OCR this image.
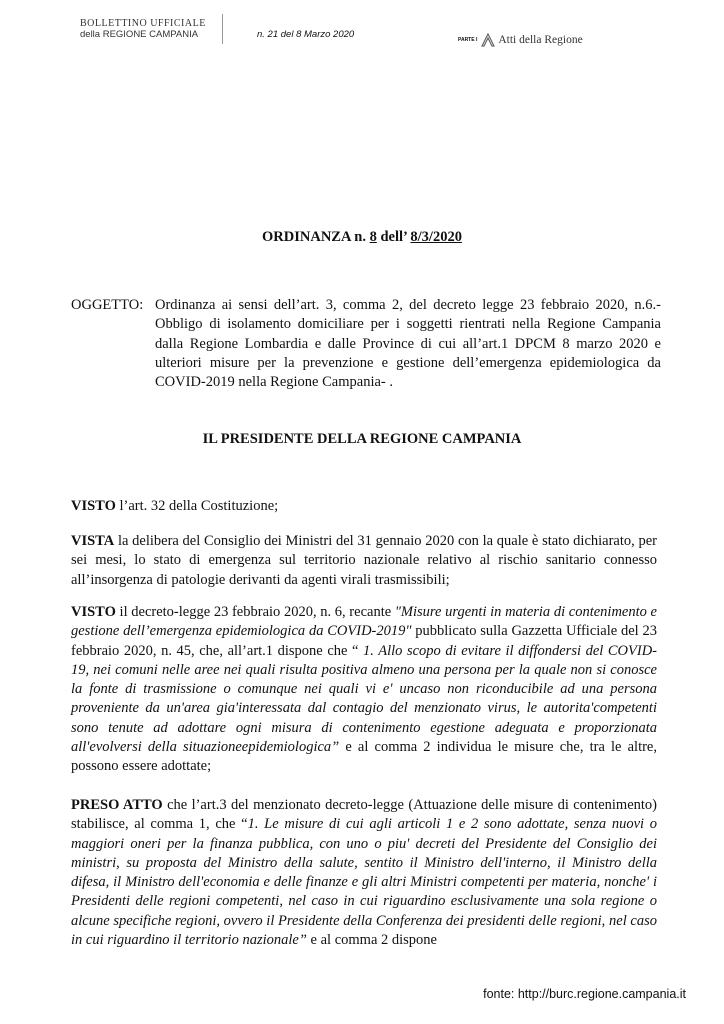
BOLLETTINO UFFICIALE
della REGIONE CAMPANIA	n. 21 del 8 Marzo 2020	PARTE I Atti della Regione
ORDINANZA n. 8 dell’ 8/3/2020
OGGETTO: Ordinanza ai sensi dell’art. 3, comma 2, del decreto legge 23 febbraio 2020, n.6.- Obbligo di isolamento domiciliare per i soggetti rientrati nella Regione Campania dalla Regione Lombardia e dalle Province di cui all’art.1 DPCM 8 marzo 2020 e ulteriori misure per la prevenzione e gestione dell’emergenza epidemiologica da COVID-2019 nella Regione Campania- .
IL PRESIDENTE DELLA REGIONE CAMPANIA
VISTO l’art. 32 della Costituzione;
VISTA la delibera del Consiglio dei Ministri del 31 gennaio 2020 con la quale è stato dichiarato, per sei mesi, lo stato di emergenza sul territorio nazionale relativo al rischio sanitario connesso all’insorgenza di patologie derivanti da agenti virali trasmissibili;
VISTO il decreto-legge 23 febbraio 2020, n. 6, recante "Misure urgenti in materia di contenimento e gestione dell’emergenza epidemiologica da COVID-2019" pubblicato sulla Gazzetta Ufficiale del 23 febbraio 2020, n. 45, che, all’art.1 dispone che “ 1. Allo scopo di evitare il diffondersi del COVID-19, nei comuni nelle aree nei quali risulta positiva almeno una persona per la quale non si conosce la fonte di trasmissione o comunque nei quali vi e' uncaso non riconducibile ad una persona proveniente da un'area gia'interessata dal contagio del menzionato virus, le autorita'competenti sono tenute ad adottare ogni misura di contenimento egestione adeguata e proporzionata all'evolversi della situazioneepidemiologica” e al comma 2 individua le misure che, tra le altre, possono essere adottate;
PRESO ATTO che l’art.3 del menzionato decreto-legge (Attuazione delle misure di contenimento) stabilisce, al comma 1, che “1. Le misure di cui agli articoli 1 e 2 sono adottate, senza nuovi o maggiori oneri per la finanza pubblica, con uno o piu' decreti del Presidente del Consiglio dei ministri, su proposta del Ministro della salute, sentito il Ministro dell'interno, il Ministro della difesa, il Ministro dell'economia e delle finanze e gli altri Ministri competenti per materia, nonche' i Presidenti delle regioni competenti, nel caso in cui riguardino esclusivamente una sola regione o alcune specifiche regioni, ovvero il Presidente della Conferenza dei presidenti delle regioni, nel caso in cui riguardino il territorio nazionale” e al comma 2 dispone
fonte: http://burc.regione.campania.it
